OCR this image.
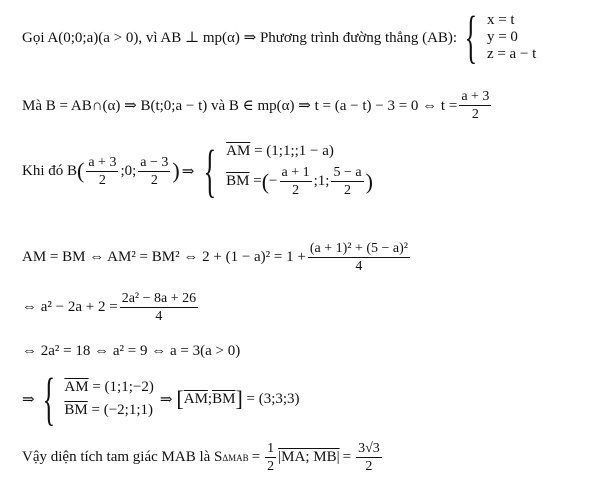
Gọi A(0;0;a)(a > 0), vì AB ⊥ mp(α) ⇒ Phương trình đường thẳng (AB): { x = t
y = 0
z = a − t
Mà B = AB∩(α) ⇒ B(t;0;a − t) và B ∈ mp(α) ⇒ t = (a − t) − 3 = 0 ⇔ $t = \frac{a + 3}{2}$
Khi đó B ( $\frac{a + 3}{2}$ ;0; $\frac{a - 3}{2}$ ) ⇒ { $\overline{AM}$
= (1;1;;1 − a)
$\overline{BM}$
= ( − $\frac{a + 1}{2}$ ;1; $\frac{5 - a}{2}$ )
AM = BM ⇔ AM² = BM² ⇔ $2 + (1 - a)^2 = 1 + \frac{\text{(a + 1)² + (5 − a)²}}{4}$
⇔ $a^2 - 2a + 2 = \frac{\text{2a² − 8a + 26}}{4}$
⇔ 2a² = 18 ⇔ a² = 9 ⇔ a = 3(a > 0)
⇒ { $\overline{AM}$
= (1;1;−2)
$\overline{BM}$
= (−2;1;1)
⇒ [ $\overline{AM}$ ; $\overline{BM}$ ]
= (3;3;3)
Vậy diện tích tam giác MAB là S $\Delta MAB = \frac{1}{2} |MA$; $MB| = \frac{3√3}{2}$
